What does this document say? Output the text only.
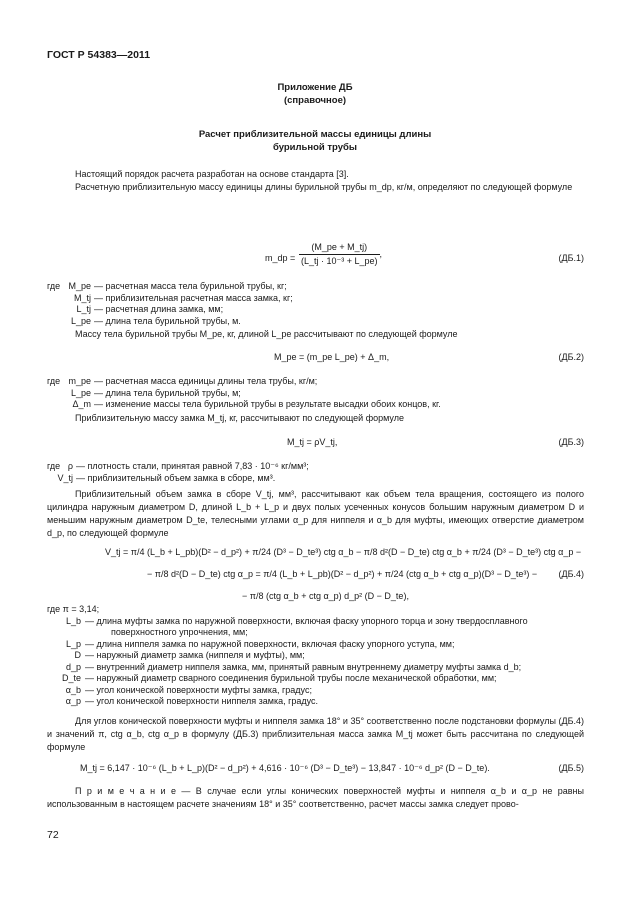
ГОСТ Р 54383—2011
Приложение ДБ
(справочное)
Расчет приблизительной массы единицы длины
бурильной трубы
Настоящий порядок расчета разработан на основе стандарта [3].
Расчетную приблизительную массу единицы длины бурильной трубы m_dp, кг/м, определяют по следующей формуле
m_dp = $\frac{(M\_pe + M\_tj)}{\text{(L\_tj · 10⁻³ + L\_pe)}}$ ,	(ДБ.1)
где M_pe — расчетная масса тела бурильной трубы, кг;
M_tj — приблизительная расчетная масса замка, кг;
L_tj — расчетная длина замка, мм;
L_pe — длина тела бурильной трубы, м.
Массу тела бурильной трубы M_pe, кг, длиной L_pe рассчитывают по следующей формуле
M_pe = (m_pe L_pe) + Δ_m,	(ДБ.2)
где m_pe — расчетная масса единицы длины тела трубы, кг/м;
L_pe — длина тела бурильной трубы, м;
Δ_m — изменение массы тела бурильной трубы в результате высадки обоих концов, кг.
Приблизительную массу замка M_tj, кг, рассчитывают по следующей формуле
M_tj = ρV_tj,	(ДБ.3)
где ρ — плотность стали, принятая равной 7,83 · 10⁻⁶ кг/мм³;
V_tj — приблизительный объем замка в сборе, мм³.
Приблизительный объем замка в сборе V_tj, мм³, рассчитывают как объем тела вращения, состоящего из полого цилиндра наружным диаметром D, длиной L_b + L_p и двух полых усеченных конусов большим наружным диаметром D и меньшим наружным диаметром D_te, телесными углами α_p для ниппеля и α_b для муфты, имеющих отверстие диаметром d_p, по следующей формуле
V_tj = π/4 (L_b + L_pb)(D² − d_p²) + π/24 (D³ − D_te³) ctg α_b − π/8 d²(D − D_te) ctg α_b + π/24 (D³ − D_te³) ctg α_p −
− π/8 d²(D − D_te) ctg α_p = π/4 (L_b + L_pb)(D² − d_p²) + π/24 (ctg α_b + ctg α_p)(D³ − D_te³) − (ДБ.4)
− π/8 (ctg α_b + ctg α_p) d_p² (D − D_te),
где π = 3,14;
L_b — длина муфты замка по наружной поверхности, включая фаску упорного торца и зону твердосплавного
поверхностного упрочнения, мм;
L_p — длина ниппеля замка по наружной поверхности, включая фаску упорного уступа, мм;
D — наружный диаметр замка (ниппеля и муфты), мм;
d_p — внутренний диаметр ниппеля замка, мм, принятый равным внутреннему диаметру муфты замка d_b;
D_te — наружный диаметр сварного соединения бурильной трубы после механической обработки, мм;
α_b — угол конической поверхности муфты замка, градус;
α_p — угол конической поверхности ниппеля замка, градус.
Для углов конической поверхности муфты и ниппеля замка 18° и 35° соответственно после подстановки формулы (ДБ.4) и значений π, ctg α_b, ctg α_p в формулу (ДБ.3) приблизительная масса замка M_tj может быть рассчитана по следующей формуле
M_tj = 6,147 · 10⁻⁶ (L_b + L_p)(D² − d_p²) + 4,616 · 10⁻⁶ (D³ − D_te³) − 13,847 · 10⁻⁶ d_p² (D − D_te).	(ДБ.5)
П р и м е ч а н и е — В случае если углы конических поверхностей муфты и ниппеля α_b и α_p не равны использованным в настоящем расчете значениям 18° и 35° соответственно, расчет массы замка следует прово-
72
